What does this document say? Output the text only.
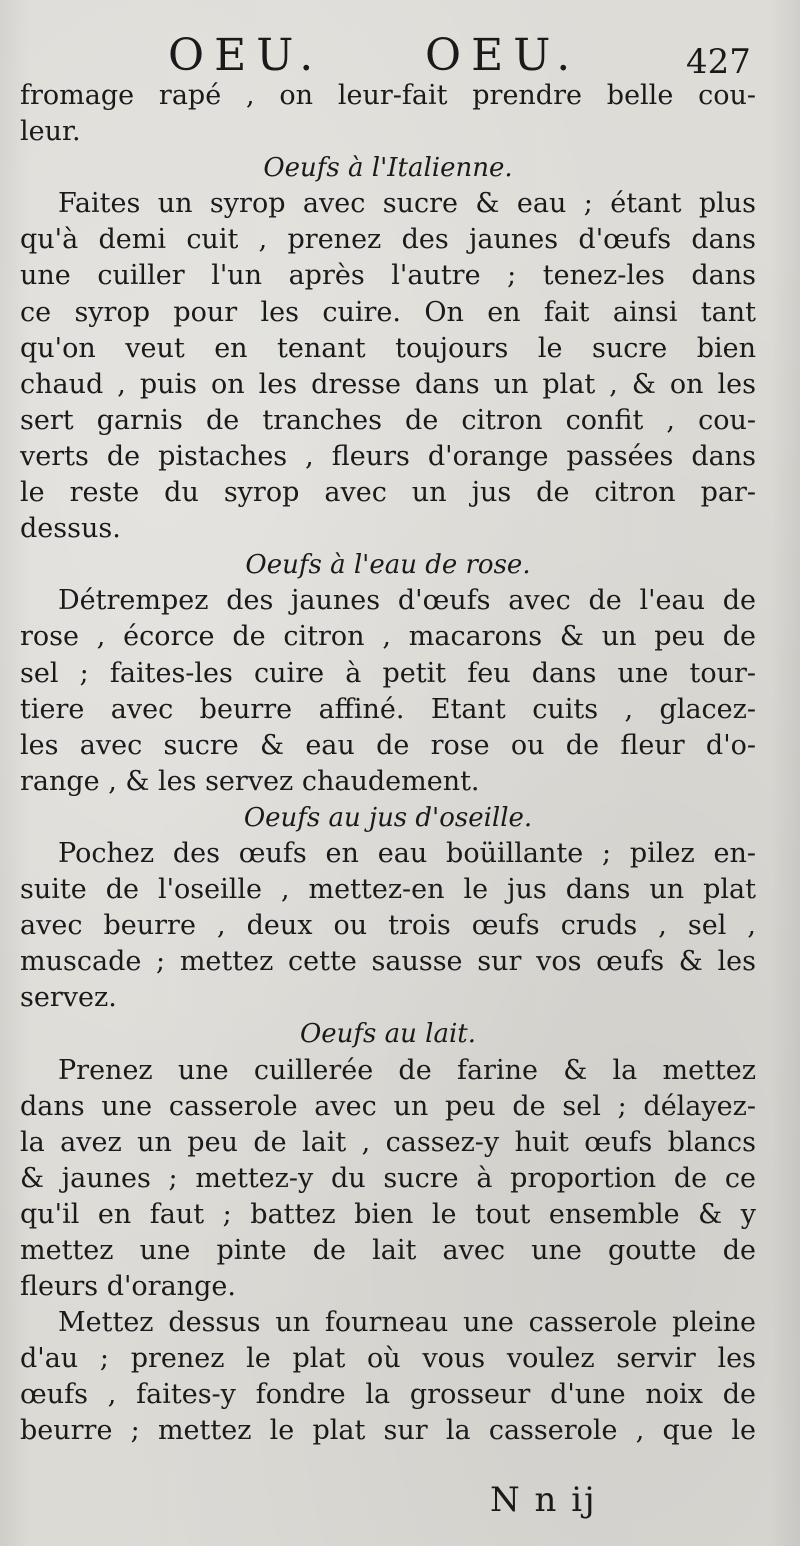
OEU. OEU.	427
fromage rapé , on leur-fait prendre belle cou-
leur.
Oeufs à l'Italienne.
Faites un syrop avec sucre & eau ; étant plus
qu'à demi cuit , prenez des jaunes d'œufs dans
une cuiller l'un après l'autre ; tenez-les dans
ce syrop pour les cuire. On en fait ainsi tant
qu'on veut en tenant toujours le sucre bien
chaud , puis on les dresse dans un plat , & on les
sert garnis de tranches de citron confit , cou-
verts de pistaches , fleurs d'orange passées dans
le reste du syrop avec un jus de citron par-
dessus.
Oeufs à l'eau de rose.
Détrempez des jaunes d'œufs avec de l'eau de
rose , écorce de citron , macarons & un peu de
sel ; faites-les cuire à petit feu dans une tour-
tiere avec beurre affiné. Etant cuits , glacez-
les avec sucre & eau de rose ou de fleur d'o-
range , & les servez chaudement.
Oeufs au jus d'oseille.
Pochez des œufs en eau boüillante ; pilez en-
suite de l'oseille , mettez-en le jus dans un plat
avec beurre , deux ou trois œufs cruds , sel ,
muscade ; mettez cette sausse sur vos œufs & les
servez.
Oeufs au lait.
Prenez une cuillerée de farine & la mettez
dans une casserole avec un peu de sel ; délayez-
la avez un peu de lait , cassez-y huit œufs blancs
& jaunes ; mettez-y du sucre à proportion de ce
qu'il en faut ; battez bien le tout ensemble & y
mettez une pinte de lait avec une goutte de
fleurs d'orange.
Mettez dessus un fourneau une casserole pleine
d'au ; prenez le plat où vous voulez servir les
œufs , faites-y fondre la grosseur d'une noix de
beurre ; mettez le plat sur la casserole , que le
N n ij
